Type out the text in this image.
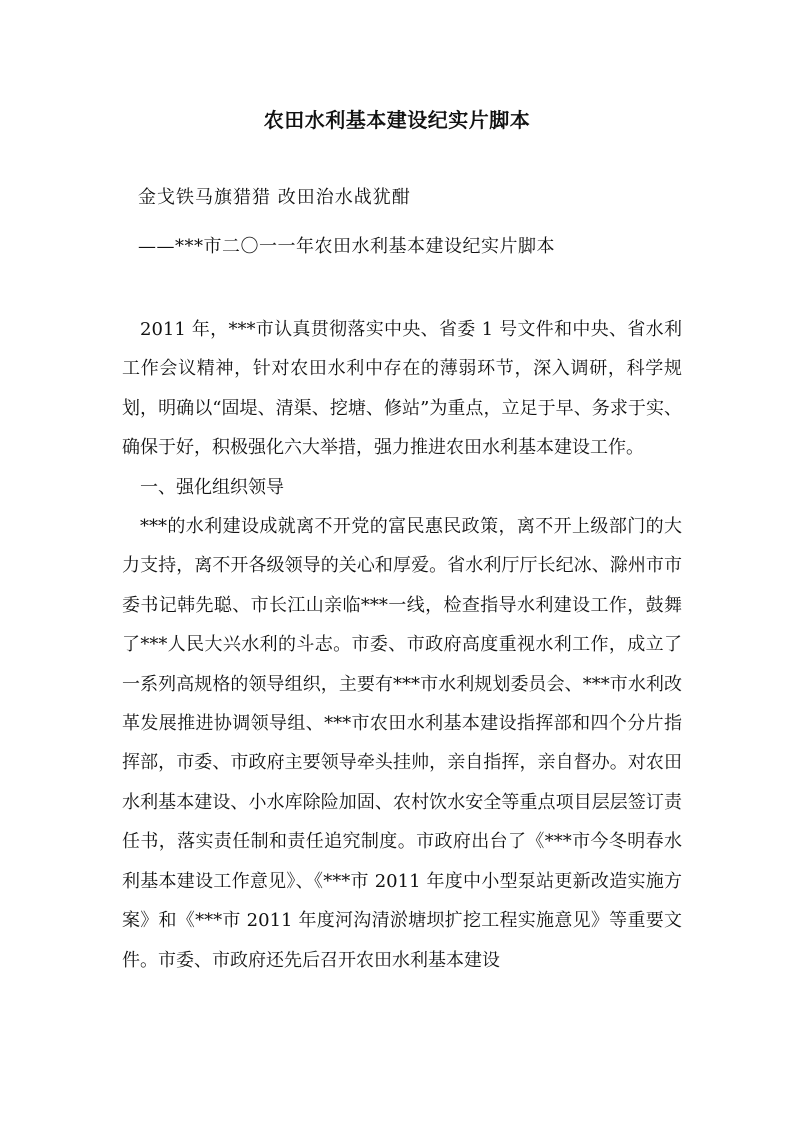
农田水利基本建设纪实片脚本

金戈铁马旗猎猎 改田治水战犹酣

——***市二〇一一年农田水利基本建设纪实片脚本

2011 年，***市认真贯彻落实中央、省委 1 号文件和中央、省水利工作会议精神，针对农田水利中存在的薄弱环节，深入调研，科学规划，明确以“固堤、清渠、挖塘、修站”为重点，立足于早、务求于实、确保于好，积极强化六大举措，强力推进农田水利基本建设工作。

一、强化组织领导

***的水利建设成就离不开党的富民惠民政策，离不开上级部门的大力支持，离不开各级领导的关心和厚爱。省水利厅厅长纪冰、滁州市市委书记韩先聪、市长江山亲临***一线，检查指导水利建设工作，鼓舞了***人民大兴水利的斗志。市委、市政府高度重视水利工作，成立了一系列高规格的领导组织，主要有***市水利规划委员会、***市水利改革发展推进协调领导组、***市农田水利基本建设指挥部和四个分片指挥部，市委、市政府主要领导牵头挂帅，亲自指挥，亲自督办。对农田水利基本建设、小水库除险加固、农村饮水安全等重点项目层层签订责任书，落实责任制和责任追究制度。市政府出台了《***市今冬明春水利基本建设工作意见》、《***市 2011 年度中小型泵站更新改造实施方案》和《***市 2011 年度河沟清淤塘坝扩挖工程实施意见》等重要文件。市委、市政府还先后召开农田水利基本建设
